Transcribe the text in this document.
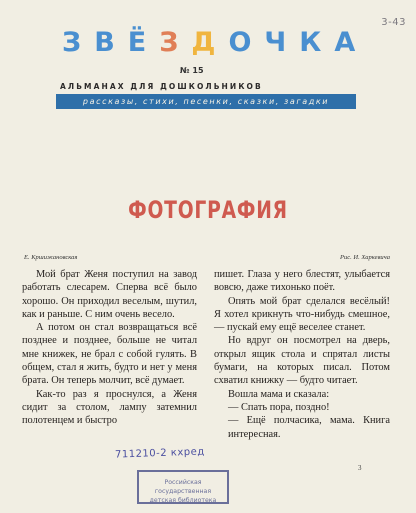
3-43
ЗВЁЗДОЧКА
№ 15
АЛЬМАНАХ ДЛЯ ДОШКОЛЬНИКОВ
рассказы, стихи, песенки, сказки, загадки
ФОТОГРАФИЯ
Е. Кршижановская	Рис. И. Харкевича

Мой брат Женя поступил на завод работать слесарем. Сперва всё было хорошо. Он приходил веселым, шутил, как и раньше. С ним очень весело.

А потом он стал возвращаться всё позднее и позднее, больше не читал мне книжек, не брал с собой гулять. В общем, стал я жить, будто и нет у меня брата. Он теперь молчит, всё думает.

Как-то раз я проснулся, а Женя сидит за столом, лампу затемнил полотенцем и быстро

пишет. Глаза у него блестят, улыбается вовсю, даже тихонько поёт.

Опять мой брат сделался весёлый! Я хотел крикнуть что-нибудь смешное, — пускай ему ещё веселее станет.

Но вдруг он посмотрел на дверь, открыл ящик стола и спрятал листы бумаги, на которых писал. Потом схватил книжку — будто читает.

Вошла мама и сказала:

— Спать пора, поздно!

— Ещё полчасика, мама. Книга интересная.

711210-2 кхред
Российская государственная
детская библиотека
3
